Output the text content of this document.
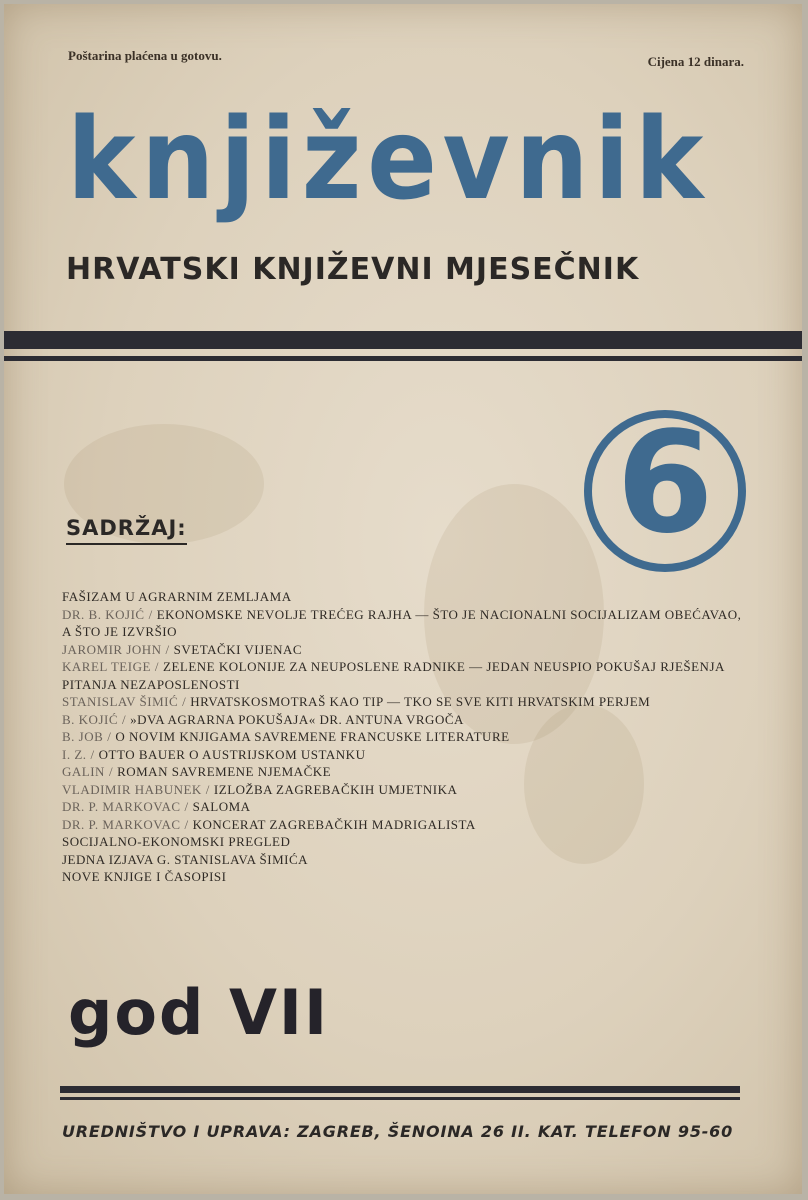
Poštarina plaćena u gotovu.	Cijena 12 dinara.
književnik
HRVATSKI KNJIŽEVNI MJESEČNIK
6
SADRŽAJ:
FAŠIZAM U AGRARNIM ZEMLJAMA
DR. B. KOJIĆ / EKONOMSKE NEVOLJE TREĆEG RAJHA — ŠTO JE NACIONALNI SOCIJALIZAM OBEĆAVAO, A ŠTO JE IZVRŠIO
JAROMIR JOHN / SVETAČKI VIJENAC
KAREL TEIGE / ZELENE KOLONIJE ZA NEUPOSLENE RADNIKE — JEDAN NEUSPIO POKUŠAJ RJEŠENJA PITANJA NEZAPOSLENOSTI
STANISLAV ŠIMIĆ / HRVATSKOSMOTRAŠ KAO TIP — TKO SE SVE KITI HRVATSKIM PERJEM
B. KOJIĆ / »DVA AGRARNA POKUŠAJA« DR. ANTUNA VRGOČA
B. JOB / O NOVIM KNJIGAMA SAVREMENE FRANCUSKE LITERATURE
I. Z. / OTTO BAUER O AUSTRIJSKOM USTANKU
GALIN / ROMAN SAVREMENE NJEMAČKE
VLADIMIR HABUNEK / IZLOŽBA ZAGREBAČKIH UMJETNIKA
DR. P. MARKOVAC / SALOMA
DR. P. MARKOVAC / KONCERAT ZAGREBAČKIH MADRIGALISTA
SOCIJALNO-EKONOMSKI PREGLED
JEDNA IZJAVA G. STANISLAVA ŠIMIĆA
NOVE KNJIGE I ČASOPISI
god VII
UREDNIŠTVO I UPRAVA: ZAGREB, ŠENOINA 26 II. KAT. TELEFON 95-60
